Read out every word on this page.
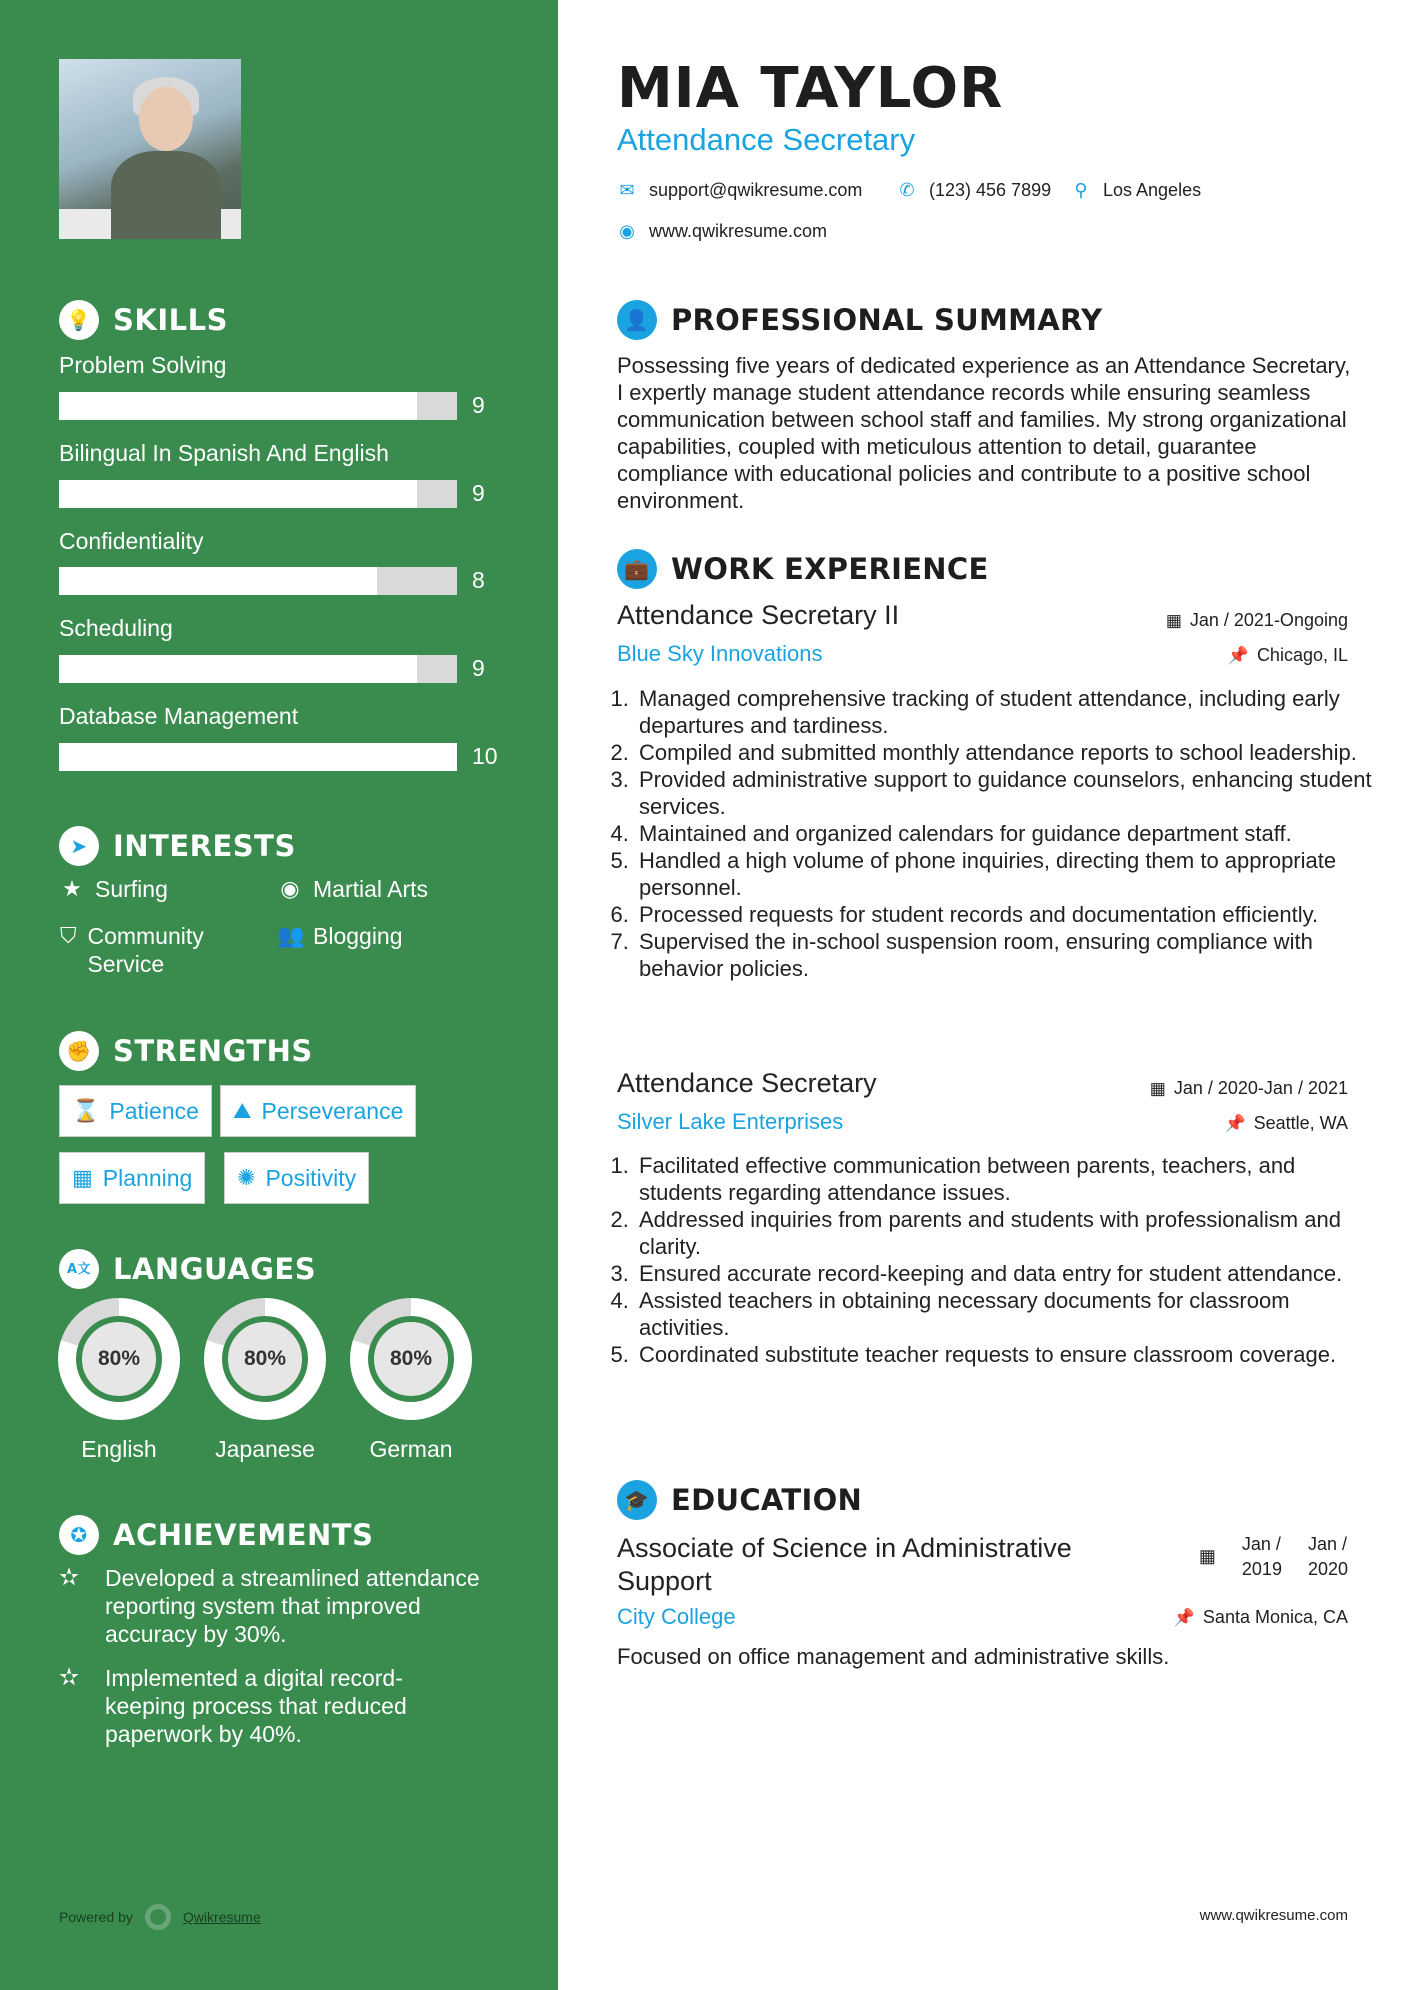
💡 SKILLS
Problem Solving
9
Bilingual In Spanish And English
9
Confidentiality
8
Scheduling
9
Database Management
10
➤ INTERESTS
★ Surfing	◉ Martial Arts
⛉ Community Service
👥 Blogging
✊ STRENGTHS
⌛ Patience ⛰ Perseverance
▦ Planning ✺ Positivity
A文 LANGUAGES
80%
English
80%
Japanese
80%
German
✪ ACHIEVEMENTS
✫	Developed a streamlined attendance reporting system that improved accuracy by 30%.
✫	Implemented a digital record-keeping process that reduced paperwork by 40%.
Powered by	Qwikresume
MIA TAYLOR
Attendance Secretary
✉ support@qwikresume.com ✆ (123) 456 7899 ⚲ Los Angeles
◉ www.qwikresume.com
👤 PROFESSIONAL SUMMARY
Possessing five years of dedicated experience as an Attendance Secretary, I expertly manage student attendance records while ensuring seamless communication between school staff and families. My strong organizational capabilities, coupled with meticulous attention to detail, guarantee compliance with educational policies and contribute to a positive school environment.
💼 WORK EXPERIENCE
Attendance Secretary II	▦ Jan / 2021-Ongoing
Blue Sky Innovations	📌 Chicago, IL
1. Managed comprehensive tracking of student attendance, including early departures and tardiness.
2. Compiled and submitted monthly attendance reports to school leadership.
3. Provided administrative support to guidance counselors, enhancing student services.
4. Maintained and organized calendars for guidance department staff.
5. Handled a high volume of phone inquiries, directing them to appropriate personnel.
6. Processed requests for student records and documentation efficiently.
7. Supervised the in-school suspension room, ensuring compliance with behavior policies.
Attendance Secretary	▦ Jan / 2020-Jan / 2021
Silver Lake Enterprises	📌 Seattle, WA
1. Facilitated effective communication between parents, teachers, and students regarding attendance issues.
2. Addressed inquiries from parents and students with professionalism and clarity.
3. Ensured accurate record-keeping and data entry for student attendance.
4. Assisted teachers in obtaining necessary documents for classroom activities.
5. Coordinated substitute teacher requests to ensure classroom coverage.
🎓 EDUCATION
Associate of Science in Administrative
Support
▦
Jan /
2019
Jan /
2020
City College	📌 Santa Monica, CA
Focused on office management and administrative skills.
www.qwikresume.com
